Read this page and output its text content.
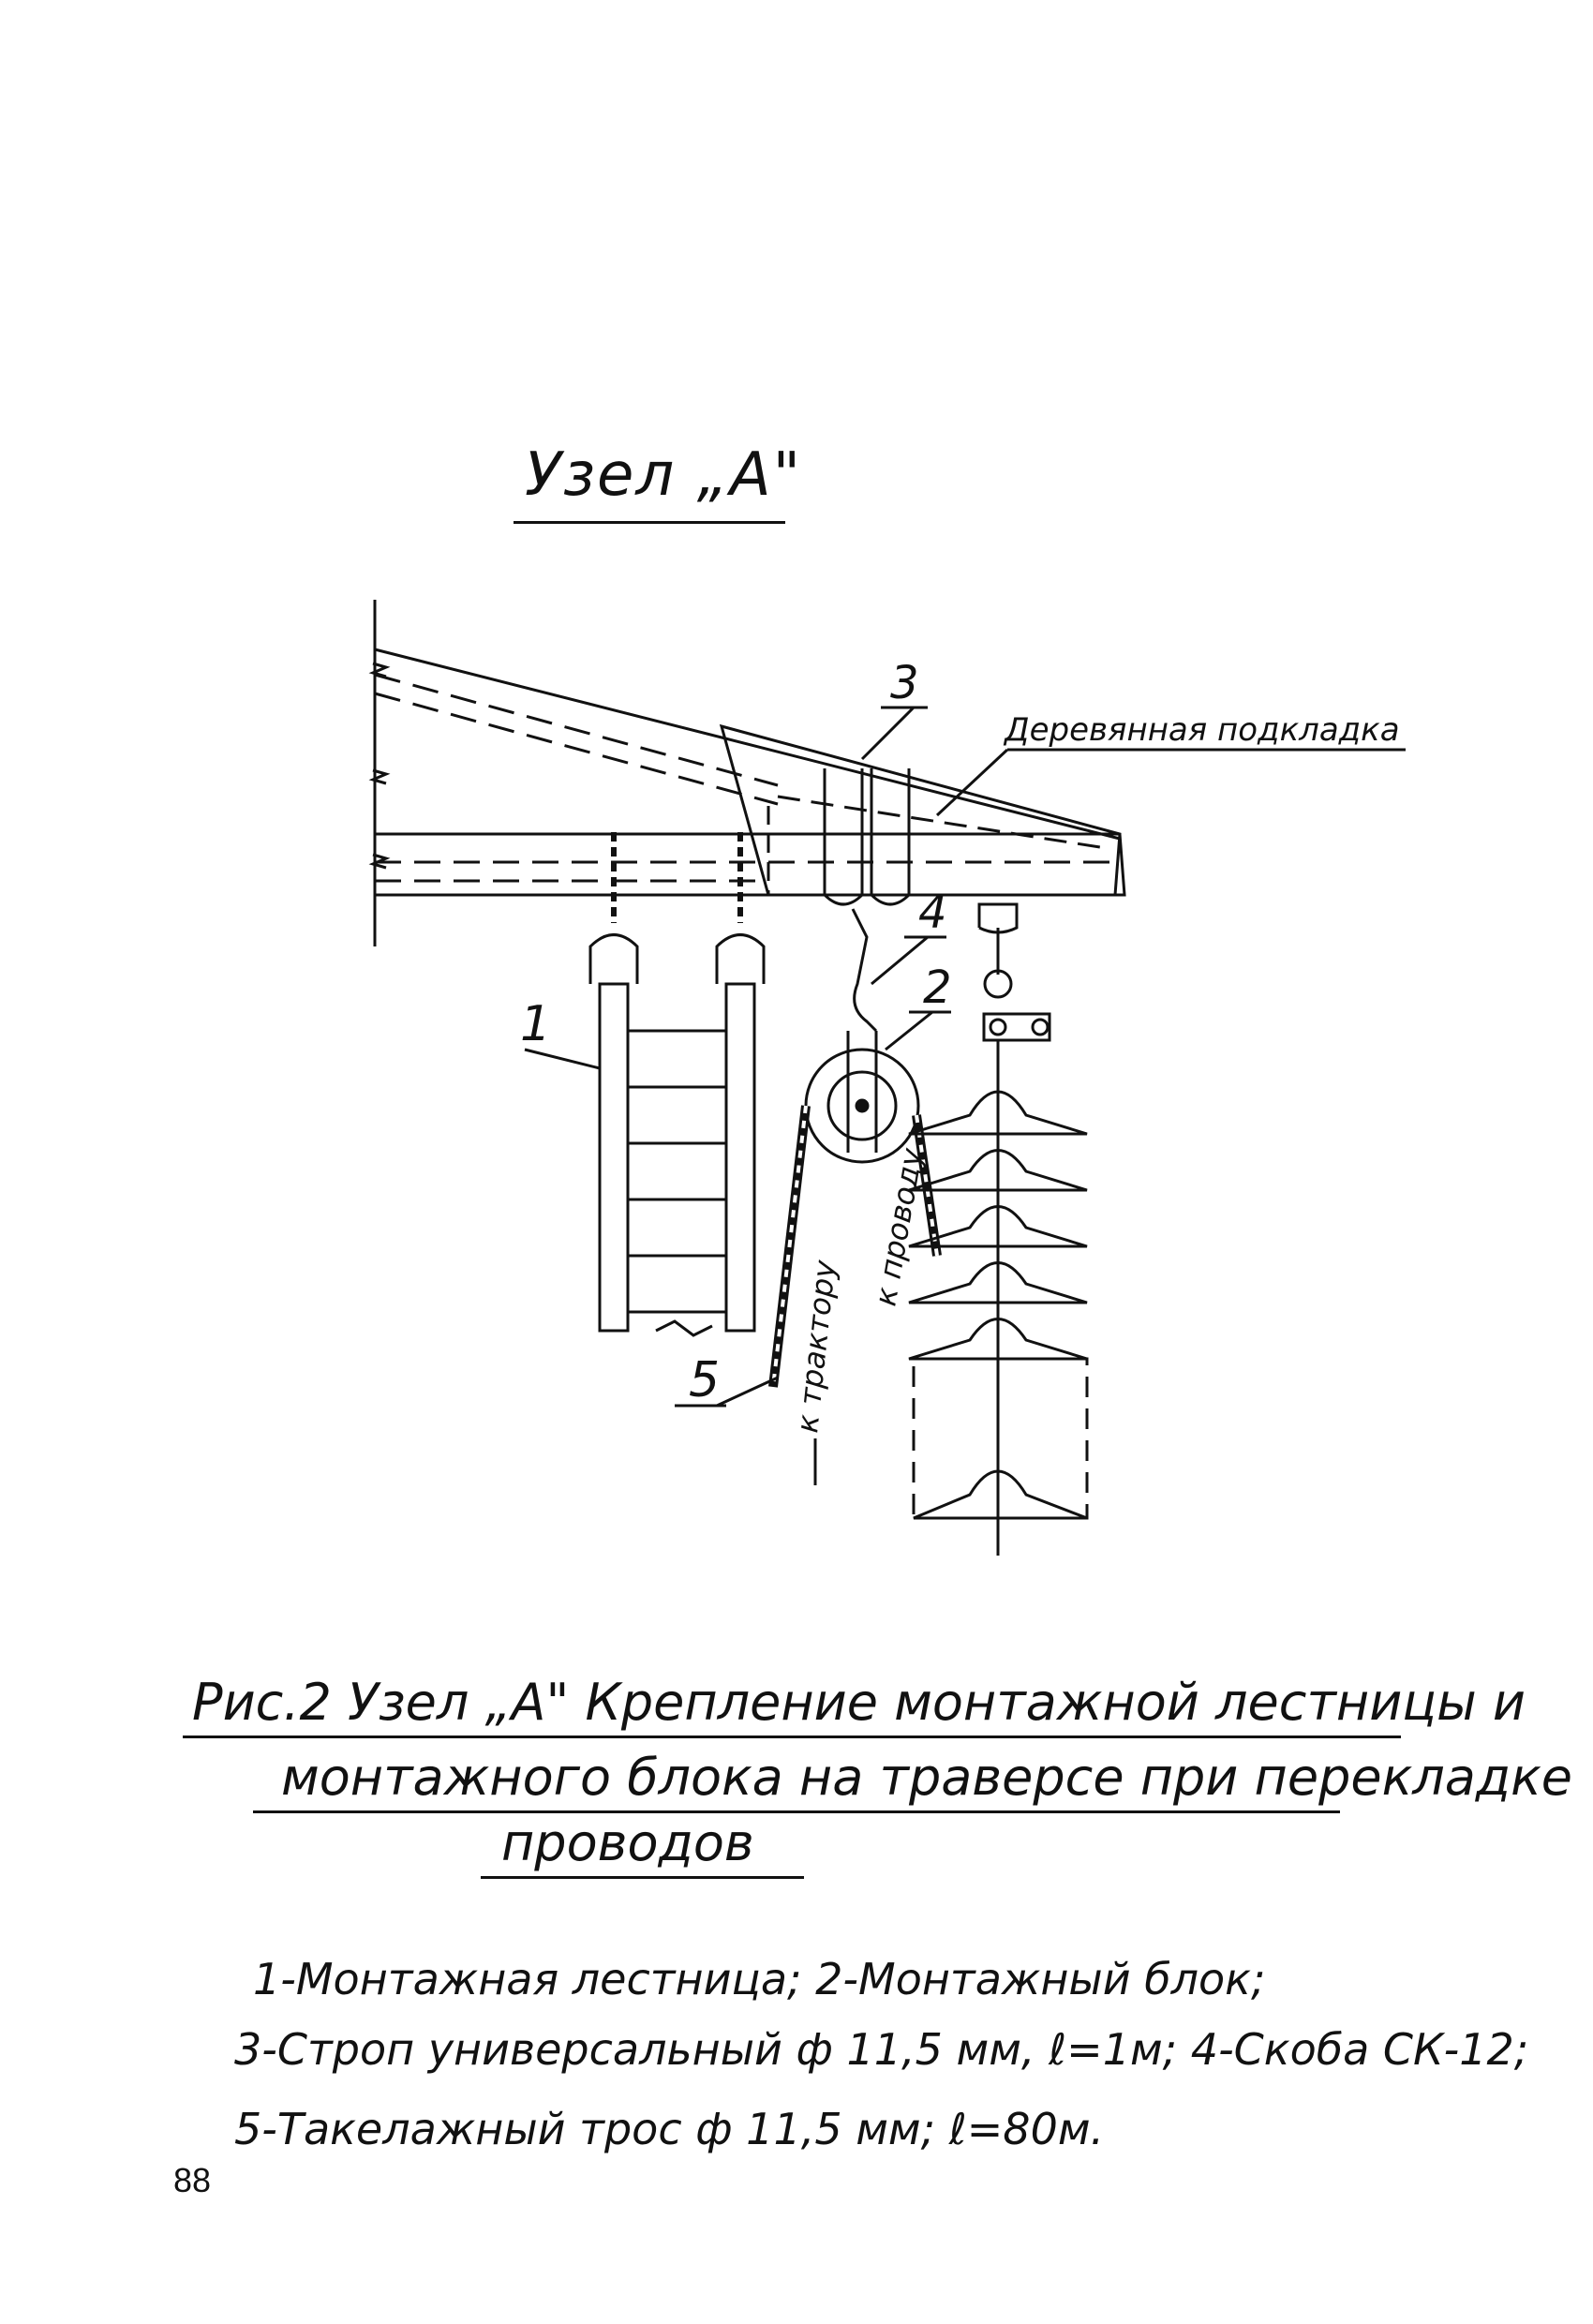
Узел „А"
1
2
3
4
5
Деревянная подкладка
к трактору
к проводу
Рис.2 Узел „А" Крепление монтажной лестницы и
монтажного блока на траверсе при перекладке
проводов
1-Монтажная лестница; 2-Монтажный блок;
3-Строп универсальный ф 11,5 мм, ℓ=1м; 4-Скоба СК-12;
5-Такелажный трос ф 11,5 мм; ℓ=80м.
88
